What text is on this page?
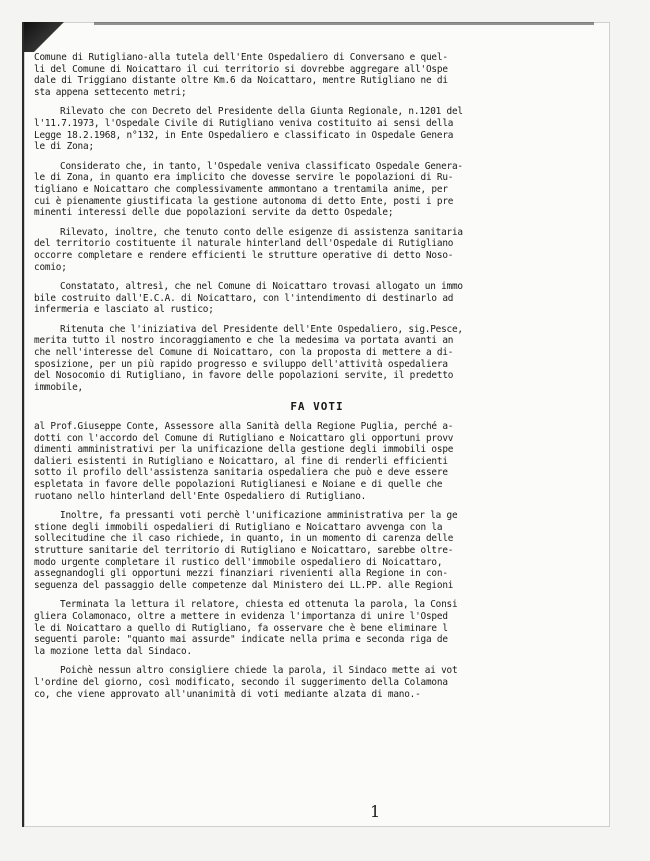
Comune di Rutigliano-alla tutela dell'Ente Ospedaliero di Conversano e quel-
li del Comune di Noicattaro il cui territorio si dovrebbe aggregare all'Ospe
dale di Triggiano distante oltre Km.6 da Noicattaro, mentre Rutigliano ne di
sta appena settecento metri;

Rilevato che con Decreto del Presidente della Giunta Regionale, n.1201 del
l'11.7.1973, l'Ospedale Civile di Rutigliano veniva costituito ai sensi della
Legge 18.2.1968, n°132, in Ente Ospedaliero e classificato in Ospedale Genera
le di Zona;

Considerato che, in tanto, l'Ospedale veniva classificato Ospedale Genera-
le di Zona, in quanto era implicito che dovesse servire le popolazioni di Ru-
tigliano e Noicattaro che complessivamente ammontano a trentamila anime, per
cui è pienamente giustificata la gestione autonoma di detto Ente, posti i pre
minenti interessi delle due popolazioni servite da detto Ospedale;

Rilevato, inoltre, che tenuto conto delle esigenze di assistenza sanitaria
del territorio costituente il naturale hinterland dell'Ospedale di Rutigliano
occorre completare e rendere efficienti le strutture operative di detto Noso-
comio;

Constatato, altresì, che nel Comune di Noicattaro trovasi allogato un immo
bile costruito dall'E.C.A. di Noicattaro, con l'intendimento di destinarlo ad
infermeria e lasciato al rustico;

Ritenuta che l'iniziativa del Presidente dell'Ente Ospedaliero, sig.Pesce,
merita tutto il nostro incoraggiamento e che la medesima va portata avanti an
che nell'interesse del Comune di Noicattaro, con la proposta di mettere a di-
sposizione, per un più rapido progresso e sviluppo dell'attività ospedaliera
del Nosocomio di Rutigliano, in favore delle popolazioni servite, il predetto
immobile,

FA VOTI

al Prof.Giuseppe Conte, Assessore alla Sanità della Regione Puglia, perché a-
dotti con l'accordo del Comune di Rutigliano e Noicattaro gli opportuni provv
dimenti amministrativi per la unificazione della gestione degli immobili ospe
dalieri esistenti in Rutigliano e Noicattaro, al fine di renderli efficienti
sotto il profilo dell'assistenza sanitaria ospedaliera che può e deve essere
espletata in favore delle popolazioni Rutiglianesi e Noiane e di quelle che
ruotano nello hinterland dell'Ente Ospedaliero di Rutigliano.

Inoltre, fa pressanti voti perchè l'unificazione amministrativa per la ge
stione degli immobili ospedalieri di Rutigliano e Noicattaro avvenga con la
sollecitudine che il caso richiede, in quanto, in un momento di carenza delle
strutture sanitarie del territorio di Rutigliano e Noicattaro, sarebbe oltre-
modo urgente completare il rustico dell'immobile ospedaliero di Noicattaro,
assegnandogli gli opportuni mezzi finanziari rivenienti alla Regione in con-
seguenza del passaggio delle competenze dal Ministero dei LL.PP. alle Regioni

Terminata la lettura il relatore, chiesta ed ottenuta la parola, la Consi
gliera Colamonaco, oltre a mettere in evidenza l'importanza di unire l'Osped
le di Noicattaro a quello di Rutigliano, fa osservare che è bene eliminare l
seguenti parole: "quanto mai assurde" indicate nella prima e seconda riga de
la mozione letta dal Sindaco.

Poichè nessun altro consigliere chiede la parola, il Sindaco mette ai vot
l'ordine del giorno, così modificato, secondo il suggerimento della Colamona
co, che viene approvato all'unanimità di voti mediante alzata di mano.-

1
